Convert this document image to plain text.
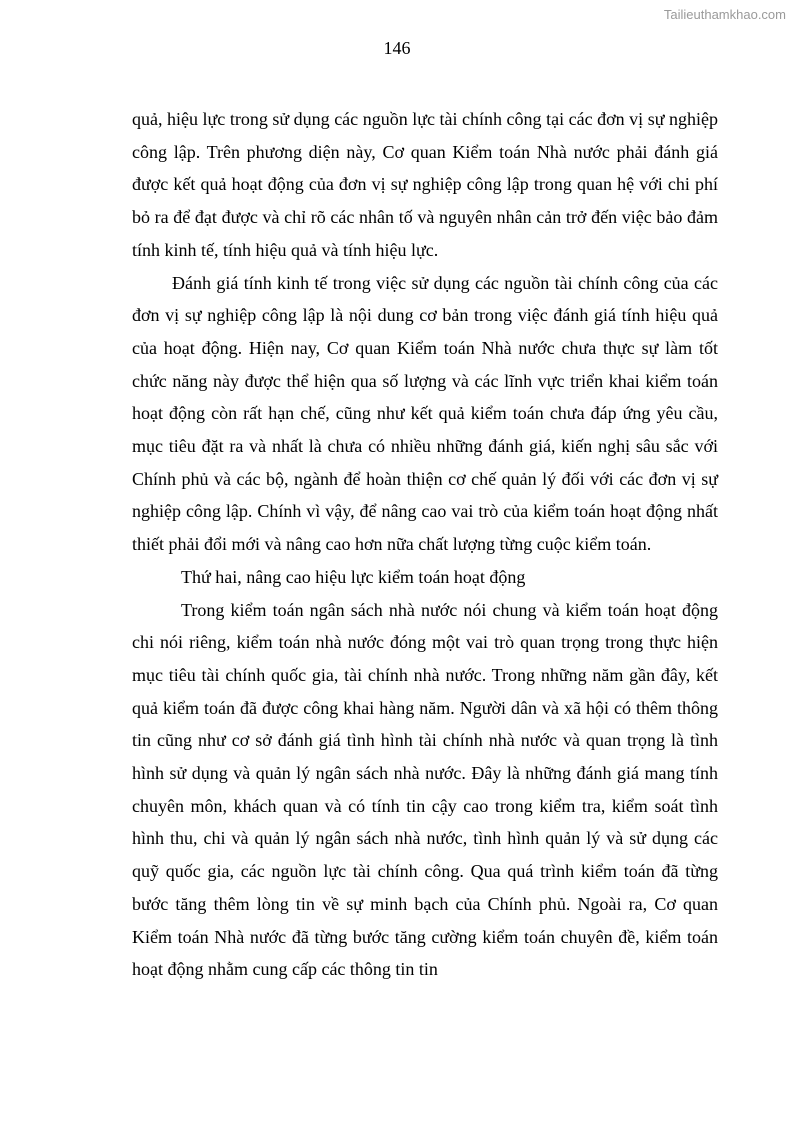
Tailieuthamkhao.com
146

quả, hiệu lực trong sử dụng các nguồn lực tài chính công tại các đơn vị sự nghiệp công lập. Trên phương diện này, Cơ quan Kiểm toán Nhà nước phải đánh giá được kết quả hoạt động của đơn vị sự nghiệp công lập trong quan hệ với chi phí bỏ ra để đạt được và chỉ rõ các nhân tố và nguyên nhân cản trở đến việc bảo đảm tính kinh tế, tính hiệu quả và tính hiệu lực.

Đánh giá tính kinh tế trong việc sử dụng các nguồn tài chính công của các đơn vị sự nghiệp công lập là nội dung cơ bản trong việc đánh giá tính hiệu quả của hoạt động. Hiện nay, Cơ quan Kiểm toán Nhà nước chưa thực sự làm tốt chức năng này được thể hiện qua số lượng và các lĩnh vực triển khai kiểm toán hoạt động còn rất hạn chế, cũng như kết quả kiểm toán chưa đáp ứng yêu cầu, mục tiêu đặt ra và nhất là chưa có nhiều những đánh giá, kiến nghị sâu sắc với Chính phủ và các bộ, ngành để hoàn thiện cơ chế quản lý đối với các đơn vị sự nghiệp công lập. Chính vì vậy, để nâng cao vai trò của kiểm toán hoạt động nhất thiết phải đổi mới và nâng cao hơn nữa chất lượng từng cuộc kiểm toán.

Thứ hai, nâng cao hiệu lực kiểm toán hoạt động

Trong kiểm toán ngân sách nhà nước nói chung và kiểm toán hoạt động chi nói riêng, kiểm toán nhà nước đóng một vai trò quan trọng trong thực hiện mục tiêu tài chính quốc gia, tài chính nhà nước. Trong những năm gần đây, kết quả kiểm toán đã được công khai hàng năm. Người dân và xã hội có thêm thông tin cũng như cơ sở đánh giá tình hình tài chính nhà nước và quan trọng là tình hình sử dụng và quản lý ngân sách nhà nước. Đây là những đánh giá mang tính chuyên môn, khách quan và có tính tin cậy cao trong kiểm tra, kiểm soát tình hình thu, chi và quản lý ngân sách nhà nước, tình hình quản lý và sử dụng các quỹ quốc gia, các nguồn lực tài chính công. Qua quá trình kiểm toán đã từng bước tăng thêm lòng tin về sự minh bạch của Chính phủ. Ngoài ra, Cơ quan Kiểm toán Nhà nước đã từng bước tăng cường kiểm toán chuyên đề, kiểm toán hoạt động nhằm cung cấp các thông tin tin
